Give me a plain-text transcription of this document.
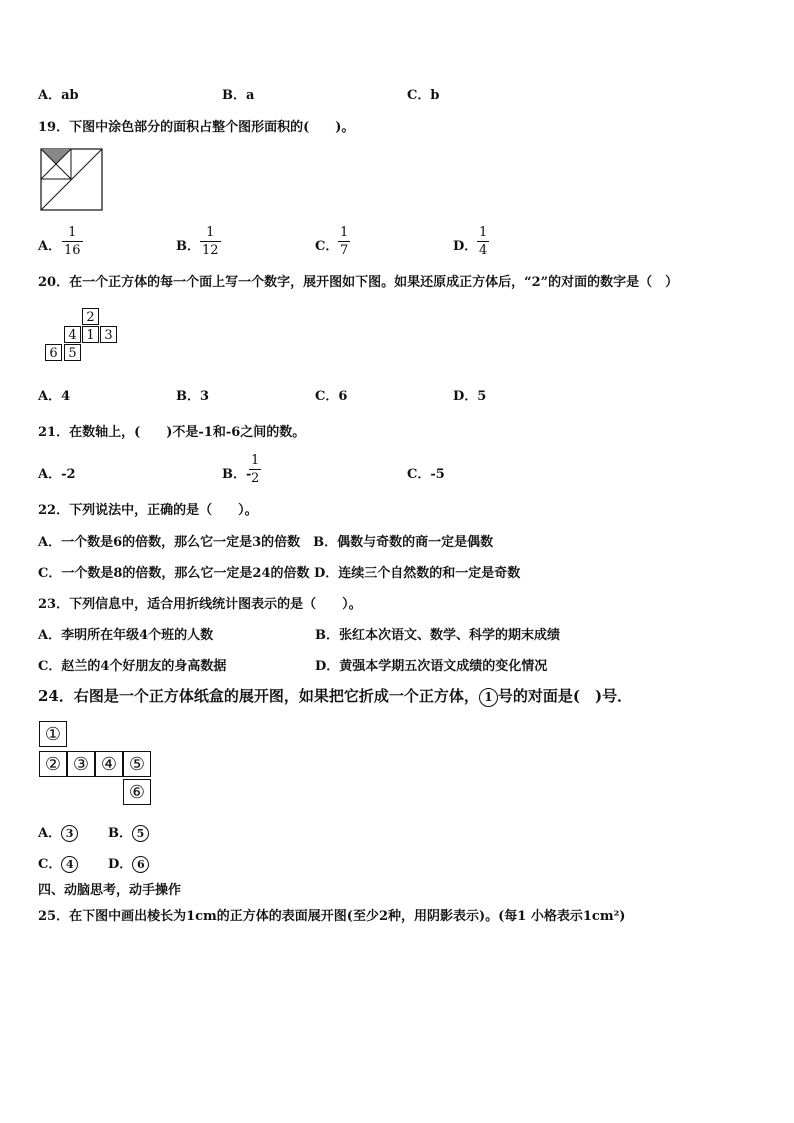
A．ab	B．a	C．b
19．下图中涂色部分的面积占整个图形面积的(　　)。
A．
1
16	B．
1
12	C．
1
7	D．
1
4
20．在一个正方体的每一个面上写一个数字，展开图如下图。如果还原成正方体后，“2”的对面的数字是（　）
2
4 1 3
6 5
A．4	B．3	C．6	D．5
21．在数轴上，(　　)不是-1和-6之间的数。
A．-2	B．-
1
2	C．-5
22．下列说法中，正确的是（　　）。
A．一个数是6的倍数，那么它一定是3的倍数　B．偶数与奇数的商一定是偶数
C．一个数是8的倍数，那么它一定是24的倍数 D．连续三个自然数的和一定是奇数
23．下列信息中，适合用折线统计图表示的是（　　）。
A．李明所在年级4个班的人数	B．张红本次语文、数学、科学的期末成绩
C．赵兰的4个好朋友的身高数据	D．黄强本学期五次语文成绩的变化情况
24．右图是一个正方体纸盒的展开图，如果把它折成一个正方体， 1 号的对面是(　)号．
①
② ③ ④ ⑤
⑥
A． 3	B． 5
C． 4	D． 6
四、动脑思考，动手操作
25．在下图中画出棱长为1cm的正方体的表面展开图(至少2种，用阴影表示)。(每1 小格表示1cm²)
